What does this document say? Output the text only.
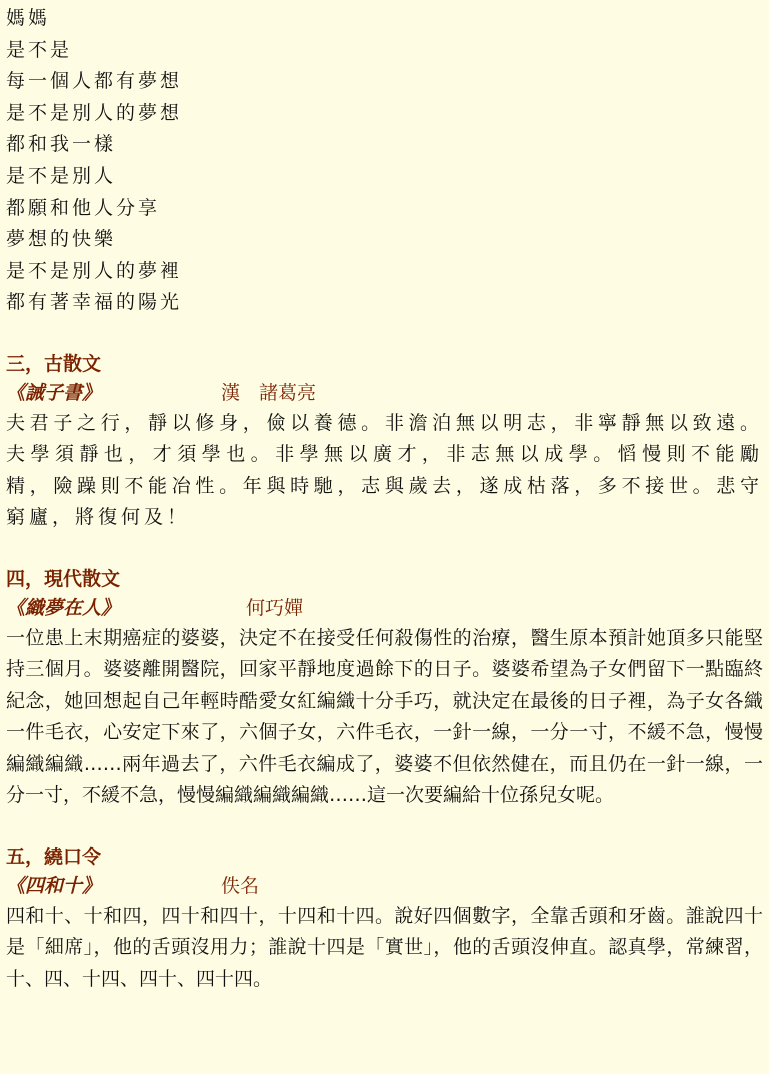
媽媽
是不是
每一個人都有夢想
是不是別人的夢想
都和我一樣
是不是別人
都願和他人分享
夢想的快樂
是不是別人的夢裡
都有著幸福的陽光
三，古散文
《誡子書》	漢　諸葛亮

夫君子之行，靜以修身，儉以養德。非澹泊無以明志，非寧靜無以致遠。夫學須靜也，才須學也。非學無以廣才，非志無以成學。慆慢則不能勵精，險躁則不能冶性。年與時馳，志與歲去，遂成枯落，多不接世。悲守窮廬，將復何及！

四，現代散文
《織夢在人》	何巧嬋

一位患上末期癌症的婆婆，決定不在接受任何殺傷性的治療，醫生原本預計她頂多只能堅持三個月。婆婆離開醫院，回家平靜地度過餘下的日子。婆婆希望為子女們留下一點臨終紀念，她回想起自己年輕時酷愛女紅編織十分手巧，就決定在最後的日子裡，為子女各織一件毛衣，心安定下來了，六個子女，六件毛衣，一針一線，一分一寸，不緩不急，慢慢編織編織……兩年過去了，六件毛衣編成了，婆婆不但依然健在，而且仍在一針一線，一分一寸，不緩不急，慢慢編織編織編織……這一次要編給十位孫兒女呢。

五，繞口令
《四和十》	佚名

四和十、十和四，四十和四十，十四和十四。說好四個數字，全靠舌頭和牙齒。誰說四十是「細席」，他的舌頭沒用力；誰說十四是「實世」，他的舌頭沒伸直。認真學，常練習，十、四、十四、四十、四十四。
